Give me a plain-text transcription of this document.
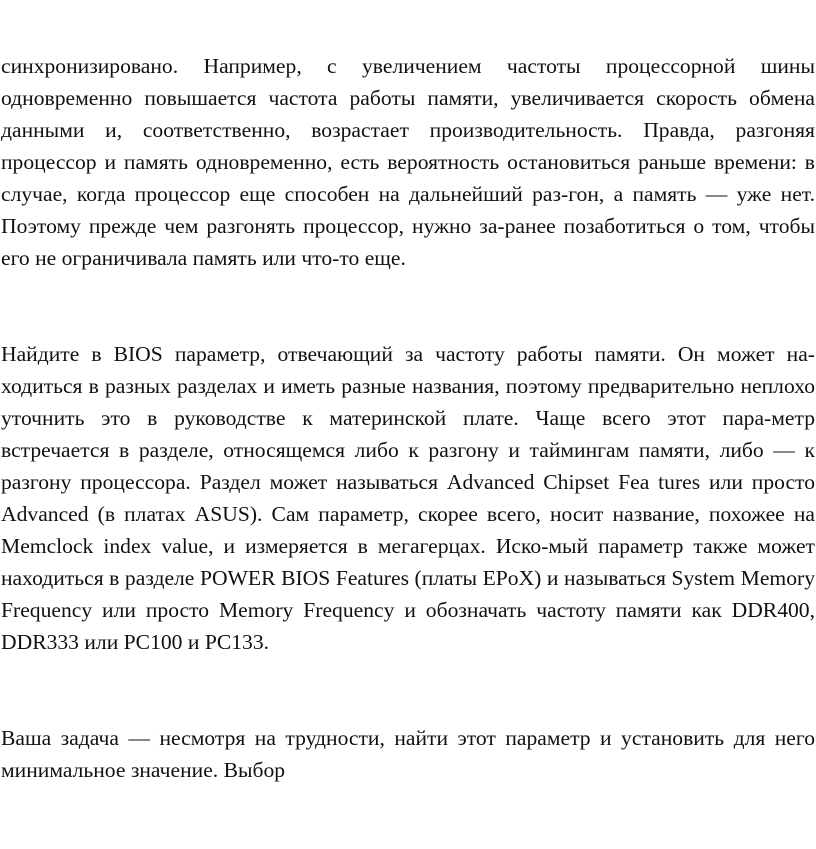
синхронизировано. Например, с увеличением частоты процессорной шины одновременно повышается частота работы памяти, увеличивается скорость обмена данными и, соответственно, возрастает производительность. Правда, разгоняя процессор и память одновременно, есть вероятность остановиться раньше времени: в случае, когда процессор еще способен на дальнейший раз-гон, а память — уже нет. Поэтому прежде чем разгонять процессор, нужно за-ранее позаботиться о том, чтобы его не ограничивала память или что-то еще.

Найдите в BIOS параметр, отвечающий за частоту работы памяти. Он может на-ходиться в разных разделах и иметь разные названия, поэтому предварительно неплохо уточнить это в руководстве к материнской плате. Чаще всего этот пара-метр встречается в разделе, относящемся либо к разгону и таймингам памяти, либо — к разгону процессора. Раздел может называться Advanced Chipset Fea tures или просто Advanced (в платах ASUS). Сам параметр, скорее всего, носит название, похожее на Memclock index value, и измеряется в мегагерцах. Иско-мый параметр также может находиться в разделе POWER BIOS Features (платы EPoX) и называться System Memory Frequency или просто Memory Frequency и обозначать частоту памяти как DDR400, DDR333 или PC100 и PC133.

Ваша задача — несмотря на трудности, найти этот параметр и установить для него минимальное значение. Выбор
